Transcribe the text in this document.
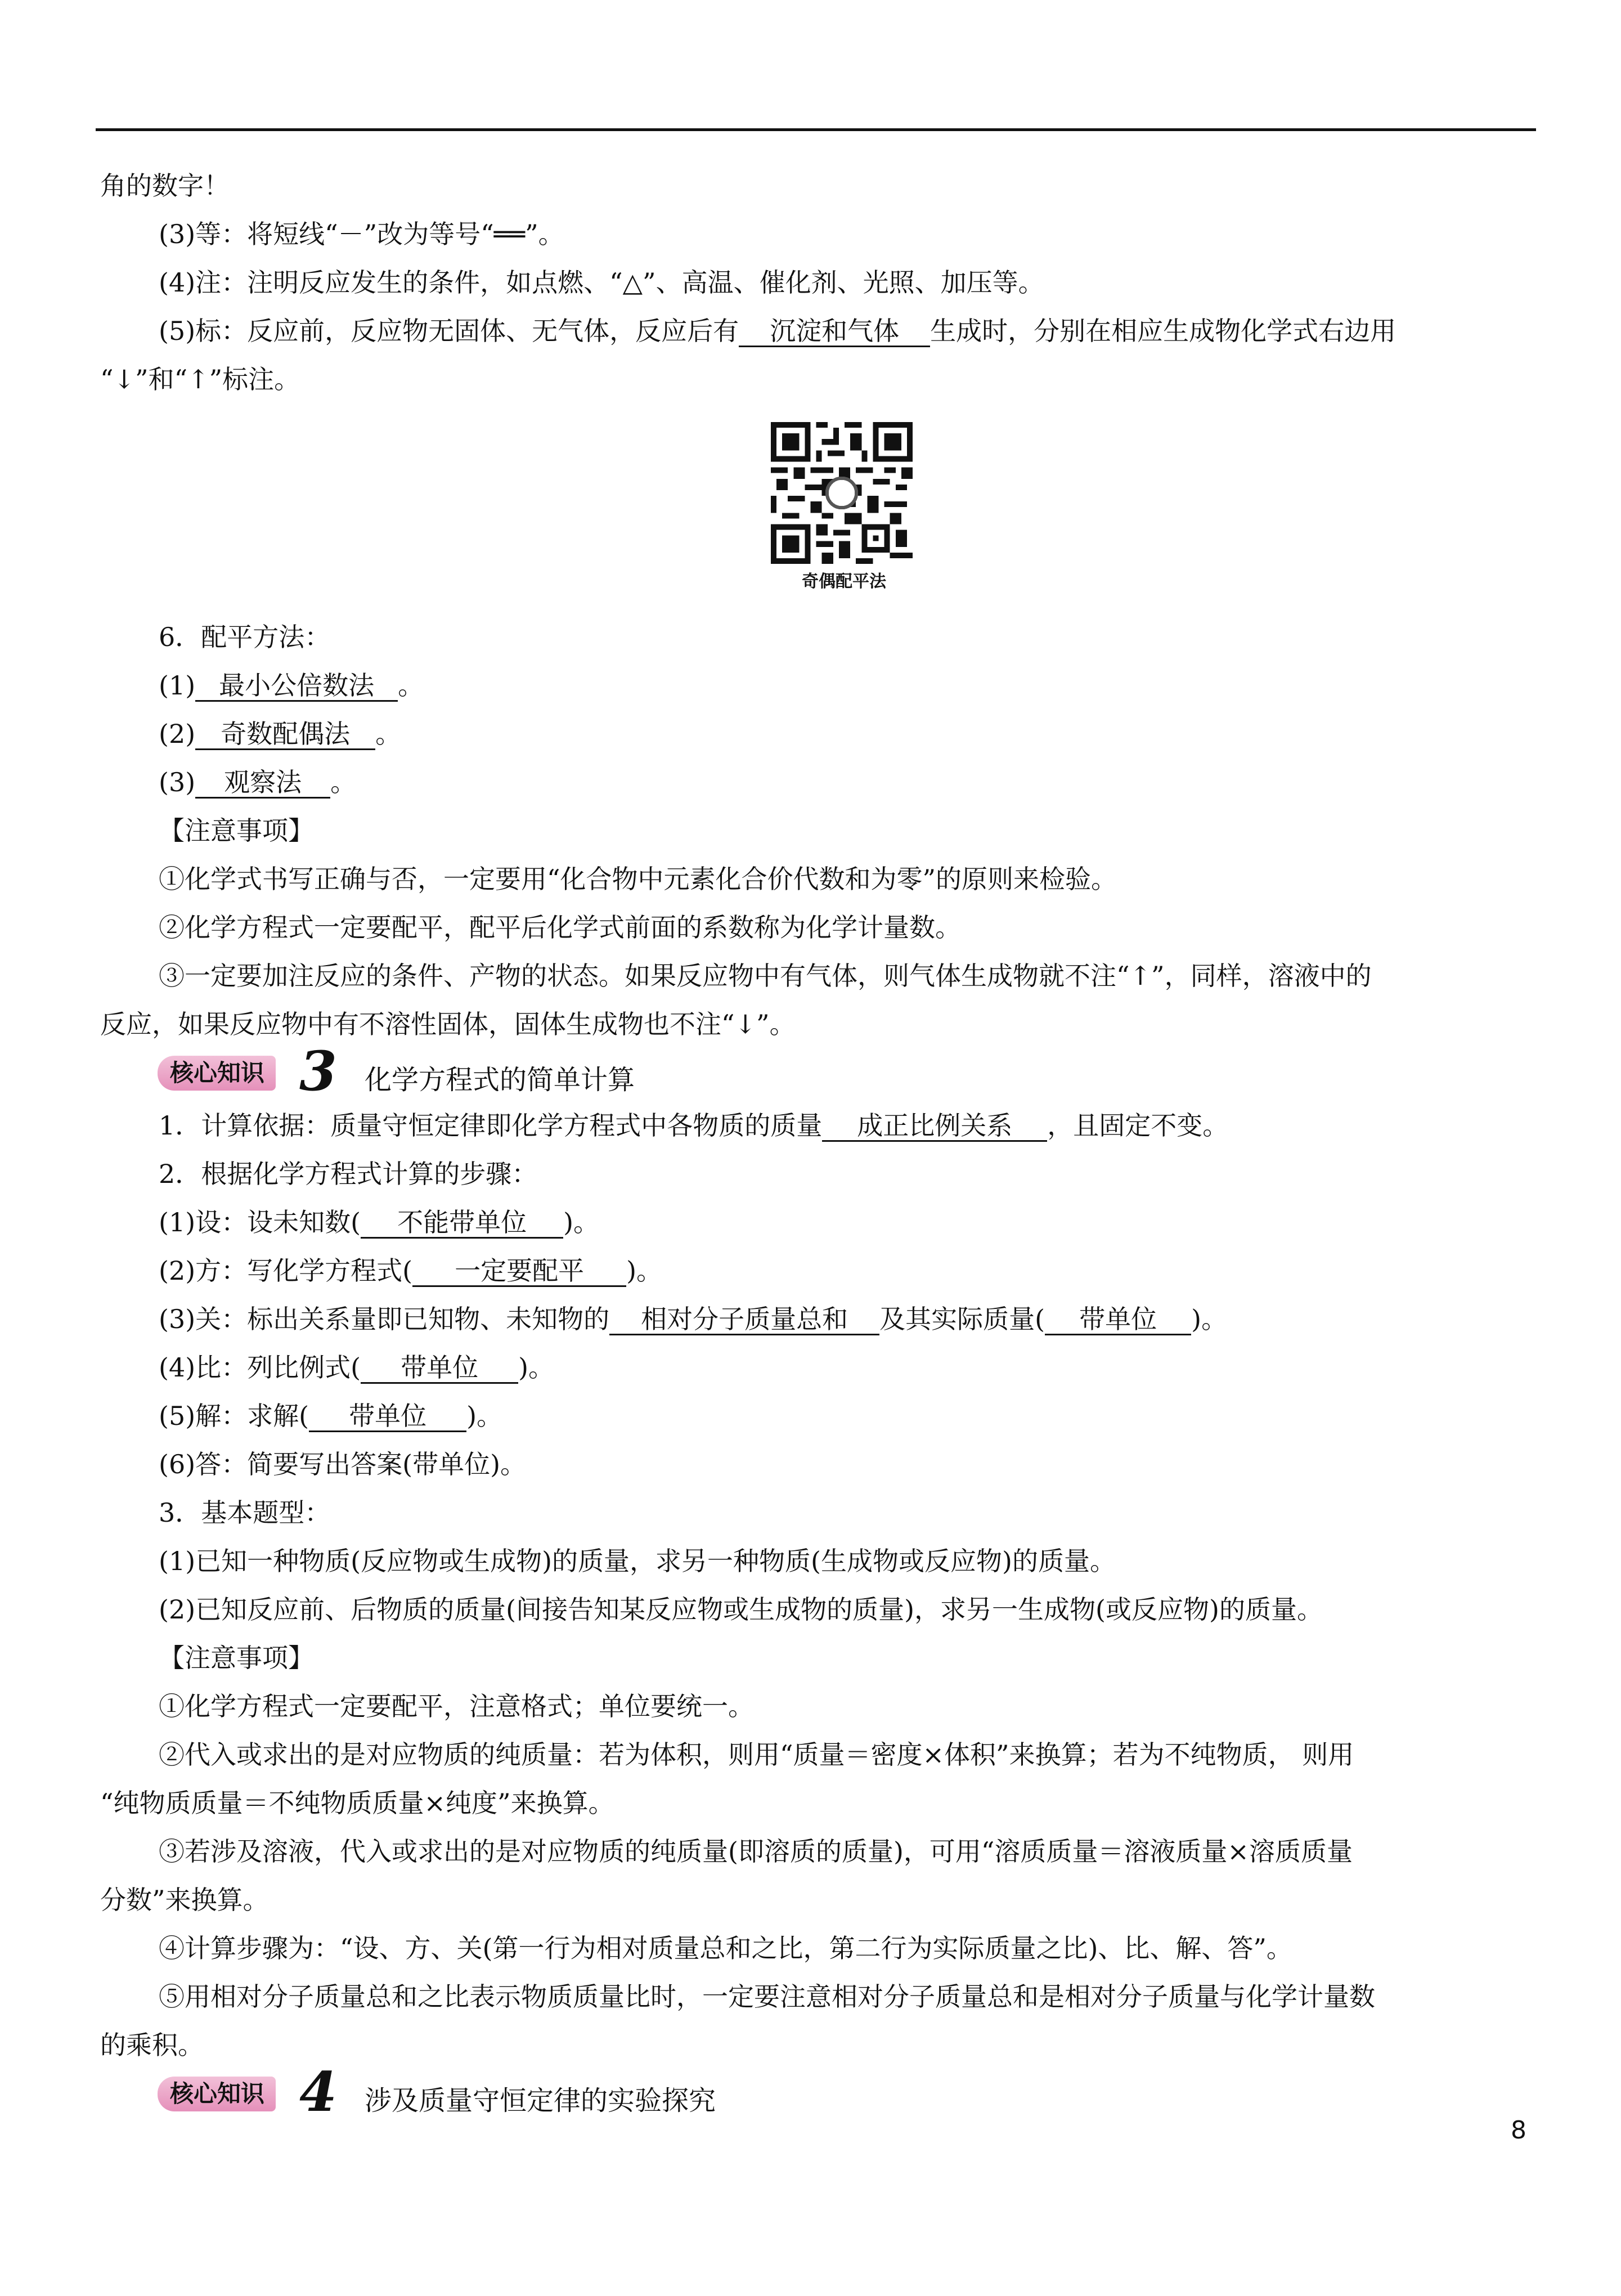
角的数字！
(3)等：将短线“－”改为等号“══”。
(4)注：注明反应发生的条件，如点燃、“△”、高温、催化剂、光照、加压等。
(5)标：反应前，反应物无固体、无气体，反应后有 沉淀和气体 生成时，分别在相应生成物化学式右边用
“↓”和“↑”标注。
奇偶配平法
6．配平方法：
(1) 最小公倍数法 。
(2) 奇数配偶法 。
(3) 观察法 。
【注意事项】
①化学式书写正确与否，一定要用“化合物中元素化合价代数和为零”的原则来检验。
②化学方程式一定要配平，配平后化学式前面的系数称为化学计量数。
③一定要加注反应的条件、产物的状态。如果反应物中有气体，则气体生成物就不注“↑”，同样，溶液中的
反应，如果反应物中有不溶性固体，固体生成物也不注“↓”。
核心知识 3 化学方程式的简单计算
1．计算依据：质量守恒定律即化学方程式中各物质的质量 成正比例关系 ，且固定不变。
2．根据化学方程式计算的步骤：
(1)设：设未知数( 不能带单位 )。
(2)方：写化学方程式( 一定要配平 )。
(3)关：标出关系量即已知物、未知物的 相对分子质量总和 及其实际质量( 带单位 )。
(4)比：列比例式( 带单位 )。
(5)解：求解( 带单位 )。
(6)答：简要写出答案(带单位)。
3．基本题型：
(1)已知一种物质(反应物或生成物)的质量，求另一种物质(生成物或反应物)的质量。
(2)已知反应前、后物质的质量(间接告知某反应物或生成物的质量)，求另一生成物(或反应物)的质量。
【注意事项】
①化学方程式一定要配平，注意格式；单位要统一。
②代入或求出的是对应物质的纯质量：若为体积，则用“质量＝密度×体积”来换算；若为不纯物质， 则用
“纯物质质量＝不纯物质质量×纯度”来换算。
③若涉及溶液，代入或求出的是对应物质的纯质量(即溶质的质量)，可用“溶质质量＝溶液质量×溶质质量
分数”来换算。
④计算步骤为：“设、方、关(第一行为相对质量总和之比，第二行为实际质量之比)、比、解、答”。
⑤用相对分子质量总和之比表示物质质量比时，一定要注意相对分子质量总和是相对分子质量与化学计量数
的乘积。
核心知识 4 涉及质量守恒定律的实验探究
8
